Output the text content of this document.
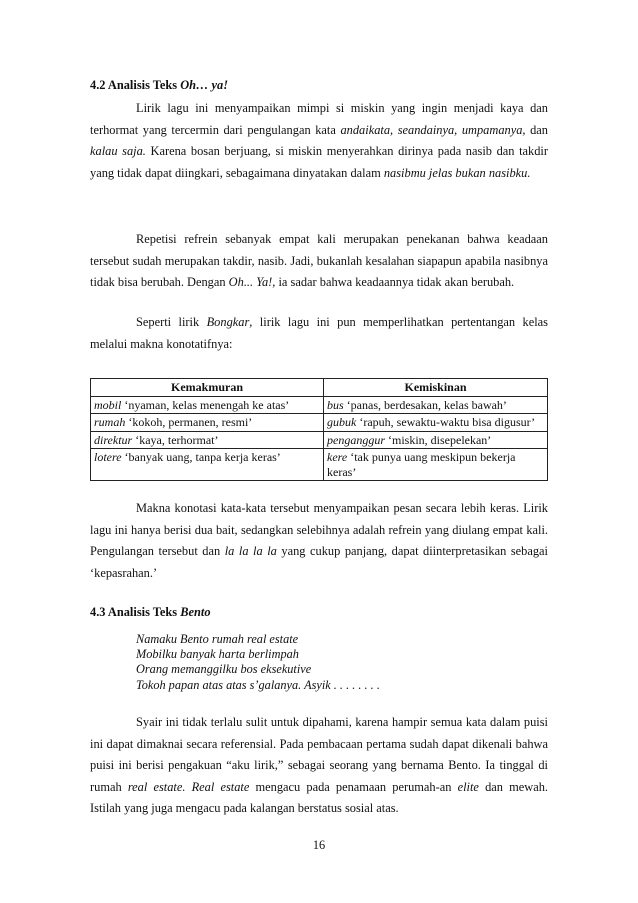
4.2 Analisis Teks Oh… ya!
Lirik lagu ini menyampaikan mimpi si miskin yang ingin menjadi kaya dan terhormat yang tercermin dari pengulangan kata andaikata, seandainya, umpamanya, dan kalau saja. Karena bosan berjuang, si miskin menyerahkan dirinya pada nasib dan takdir yang tidak dapat diingkari, sebagaimana dinyatakan dalam nasibmu jelas bukan nasibku.
Repetisi refrein sebanyak empat kali merupakan penekanan bahwa keadaan tersebut sudah merupakan takdir, nasib. Jadi, bukanlah kesalahan siapapun apabila nasibnya tidak bisa berubah. Dengan Oh... Ya!, ia sadar bahwa keadaannya tidak akan berubah.
Seperti lirik Bongkar, lirik lagu ini pun memperlihatkan pertentangan kelas melalui makna konotatifnya:
Kemakmuran	Kemiskinan
mobil ‘nyaman, kelas menengah ke atas’	bus ‘panas, berdesakan, kelas bawah’
rumah ‘kokoh, permanen, resmi’	gubuk ‘rapuh, sewaktu-waktu bisa digusur’
direktur ‘kaya, terhormat’	penganggur ‘miskin, disepelekan’
lotere ‘banyak uang, tanpa kerja keras’	kere ‘tak punya uang meskipun bekerja keras’
Makna konotasi kata-kata tersebut menyampaikan pesan secara lebih keras. Lirik lagu ini hanya berisi dua bait, sedangkan selebihnya adalah refrein yang diulang empat kali. Pengulangan tersebut dan la la la la yang cukup panjang, dapat diinterpretasikan sebagai ‘kepasrahan.’
4.3 Analisis Teks Bento
Namaku Bento rumah real estate
Mobilku banyak harta berlimpah
Orang memanggilku bos eksekutive
Tokoh papan atas atas s’galanya. Asyik . . . . . . . .
Syair ini tidak terlalu sulit untuk dipahami, karena hampir semua kata dalam puisi ini dapat dimaknai secara referensial. Pada pembacaan pertama sudah dapat dikenali bahwa puisi ini berisi pengakuan “aku lirik,” sebagai seorang yang bernama Bento. Ia tinggal di rumah real estate. Real estate mengacu pada penamaan perumah-an elite dan mewah. Istilah yang juga mengacu pada kalangan berstatus sosial atas.
16
